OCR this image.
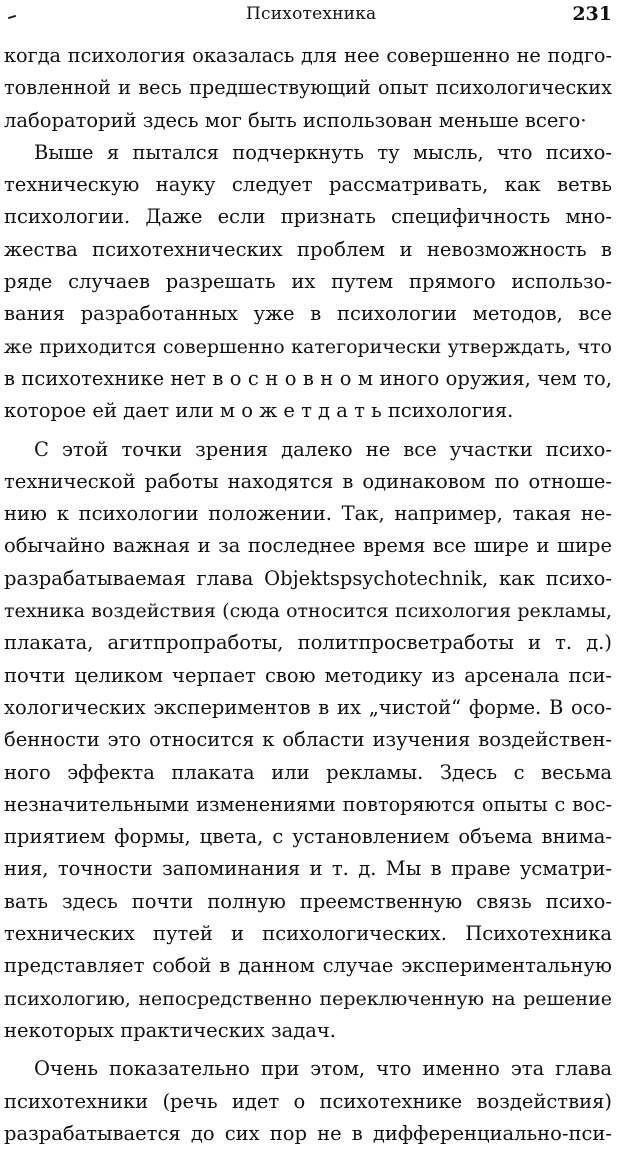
Психотехника	231
когда психология оказалась для нее совершенно не подго-
товленной и весь предшествующий опыт психологических
лабораторий здесь мог быть использован меньше всего·
Выше я пытался подчеркнуть ту мысль, что психо-
техническую науку следует рассматривать, как ветвь
психологии. Даже если признать специфичность мно-
жества психотехнических проблем и невозможность в
ряде случаев разрешать их путем прямого использо-
вания разработанных уже в психологии методов, все
же приходится совершенно категорически утверждать, что
в психотехнике нет в о с н о в н о м иного оружия, чем то,
которое ей дает или м о ж е т д а т ь психология.
С этой точки зрения далеко не все участки психо-
технической работы находятся в одинаковом по отноше-
нию к психологии положении. Так, например, такая не-
обычайно важная и за последнее время все шире и шире
разрабатываемая глава Objektspsychotechnik, как психо-
техника воздействия (сюда относится психология рекламы,
плаката, агитпропработы, политпросветработы и т. д.)
почти целиком черпает свою методику из арсенала пси-
хологических экспериментов в их „чистой“ форме. В осо-
бенности это относится к области изучения воздействен-
ного эффекта плаката или рекламы. Здесь с весьма
незначительными изменениями повторяются опыты с вос-
приятием формы, цвета, с установлением объема внима-
ния, точности запоминания и т. д. Мы в праве усматри-
вать здесь почти полную преемственную связь психо-
технических путей и психологических. Психотехника
представляет собой в данном случае экспериментальную
психологию, непосредственно переключенную на решение
некоторых практических задач.
Очень показательно при этом, что именно эта глава
психотехники (речь идет о психотехнике воздействия)
разрабатывается до сих пор не в дифференциально-пси-
